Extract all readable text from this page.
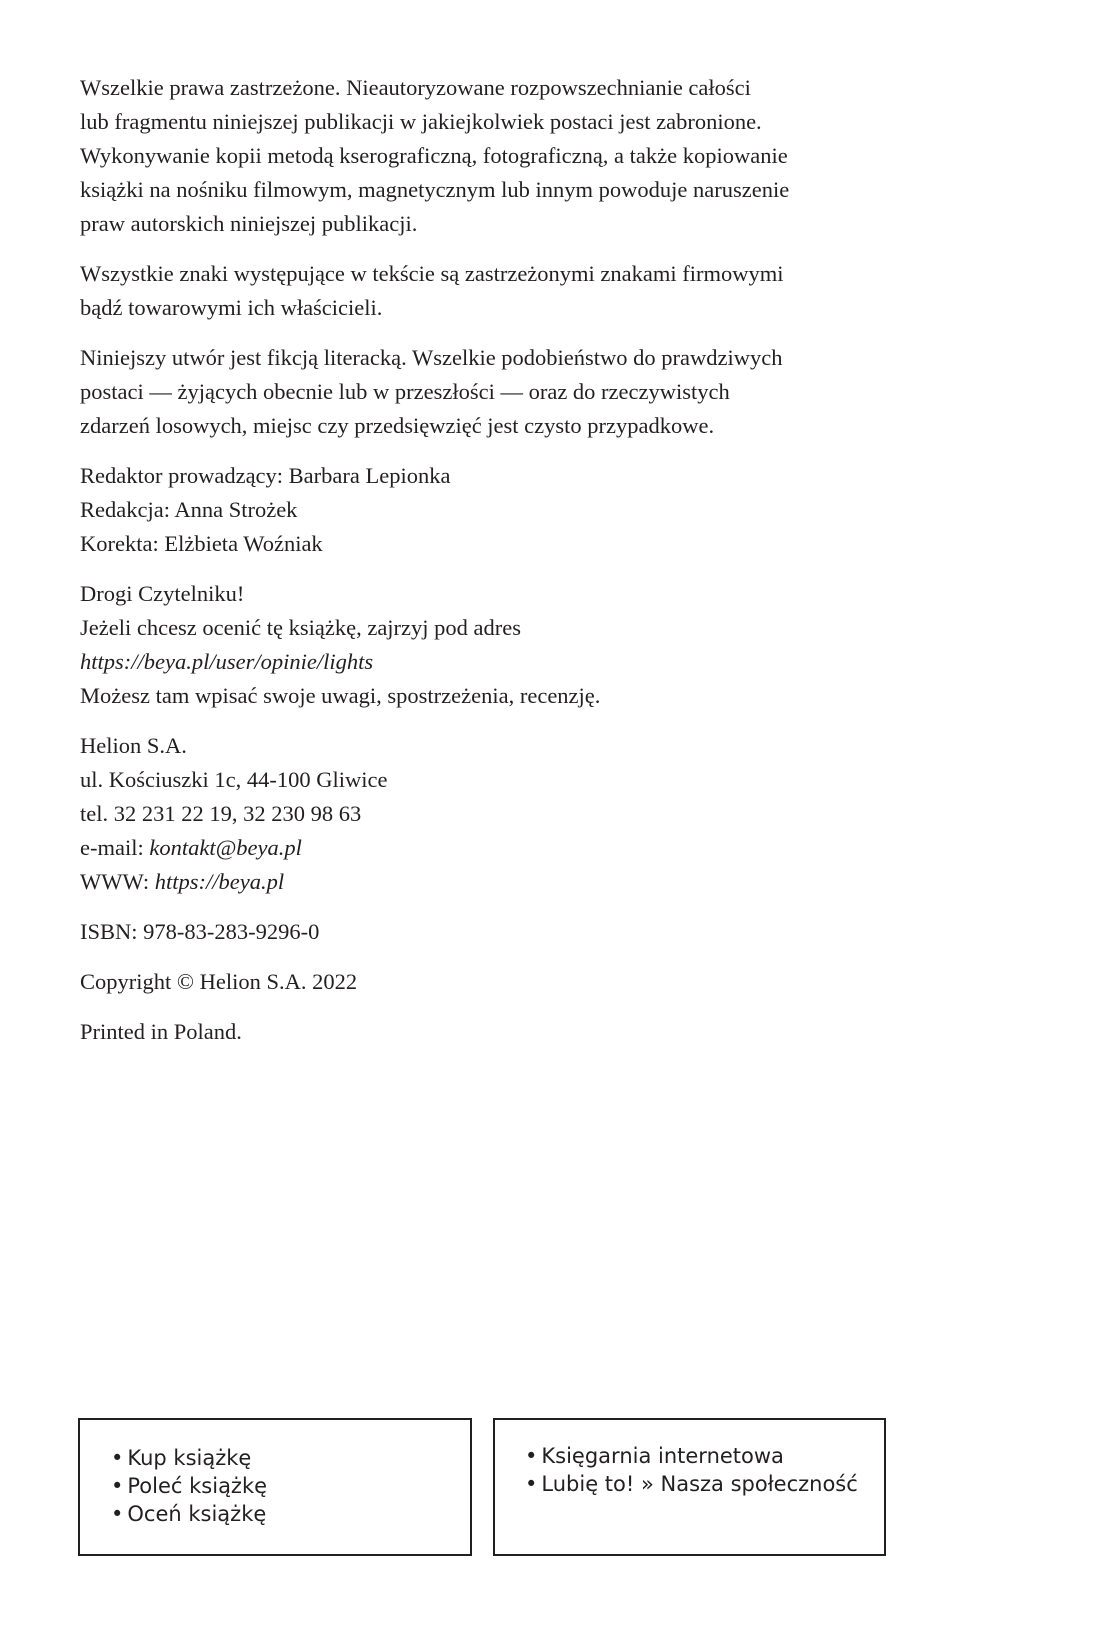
Wszelkie prawa zastrzeżone. Nieautoryzowane rozpowszechnianie całości
lub fragmentu niniejszej publikacji w jakiejkolwiek postaci jest zabronione.
Wykonywanie kopii metodą kserograficzną, fotograficzną, a także kopiowanie
książki na nośniku filmowym, magnetycznym lub innym powoduje naruszenie
praw autorskich niniejszej publikacji.

Wszystkie znaki występujące w tekście są zastrzeżonymi znakami firmowymi
bądź towarowymi ich właścicieli.

Niniejszy utwór jest fikcją literacką. Wszelkie podobieństwo do prawdziwych
postaci — żyjących obecnie lub w przeszłości — oraz do rzeczywistych
zdarzeń losowych, miejsc czy przedsięwzięć jest czysto przypadkowe.

Redaktor prowadzący: Barbara Lepionka
Redakcja: Anna Strożek
Korekta: Elżbieta Woźniak

Drogi Czytelniku!
Jeżeli chcesz ocenić tę książkę, zajrzyj pod adres
https://beya.pl/user/opinie/lights
Możesz tam wpisać swoje uwagi, spostrzeżenia, recenzję.

Helion S.A.
ul. Kościuszki 1c, 44-100 Gliwice
tel. 32 231 22 19, 32 230 98 63
e-mail: kontakt@beya.pl
WWW: https://beya.pl

ISBN: 978-83-283-9296-0

Copyright © Helion S.A. 2022

Printed in Poland.

• Kup książkę
• Poleć książkę
• Oceń książkę
• Księgarnia internetowa
• Lubię to! » Nasza społeczność
